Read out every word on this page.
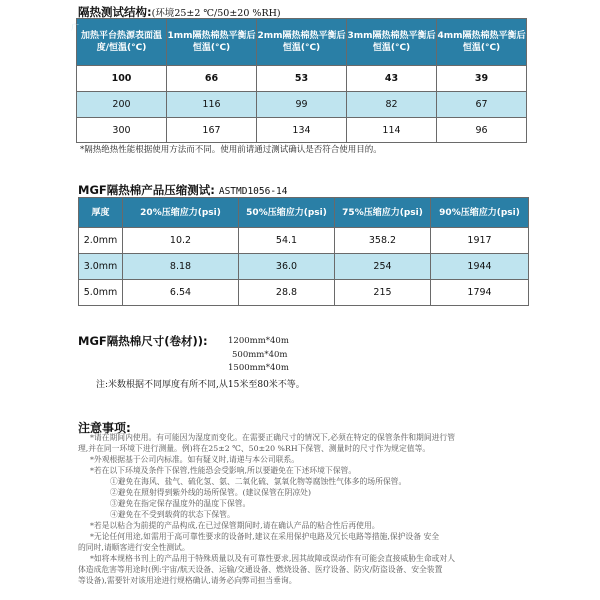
隔热测试结构:(环境25±2 ℃/50±20 %RH)
加热平台热源表面温度/恒温(°C)	1mm隔热棉热平衡后恒温(°C)	2mm隔热棉热平衡后恒温(°C)	3mm隔热棉热平衡后恒温(°C)	4mm隔热棉热平衡后恒温(°C)
100	66	53	43	39
200	116	99	82	67
300	167	134	114	96
广
*隔热绝热性能根据使用方法而不同。使用前请通过测试确认是否符合使用目的。
MGF隔热棉产品压缩测试: ASTMD1056-14
厚度	20%压缩应力(psi)	50%压缩应力(psi)	75%压缩应力(psi)	90%压缩应力(psi)
2.0mm	10.2	54.1	358.2	1917
3.0mm	8.18	36.0	254	1944
5.0mm	6.54	28.8	215	1794
MGF隔热棉尺寸(卷材)): 1200mm*40m
500mm*40m
1500mm*40m
注:米数根据不同厚度有所不同,从15米至80米不等。
注意事项:
*请在期间内使用。有可能因为湿度而变化。在需要正确尺寸的情况下,必须在特定的保管条件和期间进行管
理,并在同一环境下进行测量。例)将在25±2 ℃、50±20 %RH下保管、测量时的尺寸作为规定值等。
*外观根据基于公司内标准。如有疑义时,请递与本公司联系。
*若在以下环境及条件下保管,性能恐会受影响,所以要避免在下述环境下保管。
①避免在海风、盐气、硫化氢、氨、二氧化硫、氯氧化物等腐蚀性气体多的场所保管。
②避免在照射得到紫外线的场所保管。(建议保管在阴凉处)
③避免在指定保存温度外的温度下保管。
④避免在不受到载荷的状态下保管。
*若是以粘合为前提的产品构成,在已过保管期间时,请在确认产品的粘合性后再使用。
*无论任何用途,如需用于高可靠性要求的设备时,建议在采用保护电路及冗长电路等措施,保护设备 安全
的同时,请顺客进行安全性测试。
*如将本规格书刊上的产品用于特殊质量以及有可靠性要求,因其故障或误动作有可能会直接威胁生命或对人
体造成危害等用途时(例:宇宙/航天设备、运输/交通设备、燃烧设备、医疗设备、防灾/防盗设备、安全装置
等设备),需要针对该用途进行规格确认,请务必向弊司担当垂询。
